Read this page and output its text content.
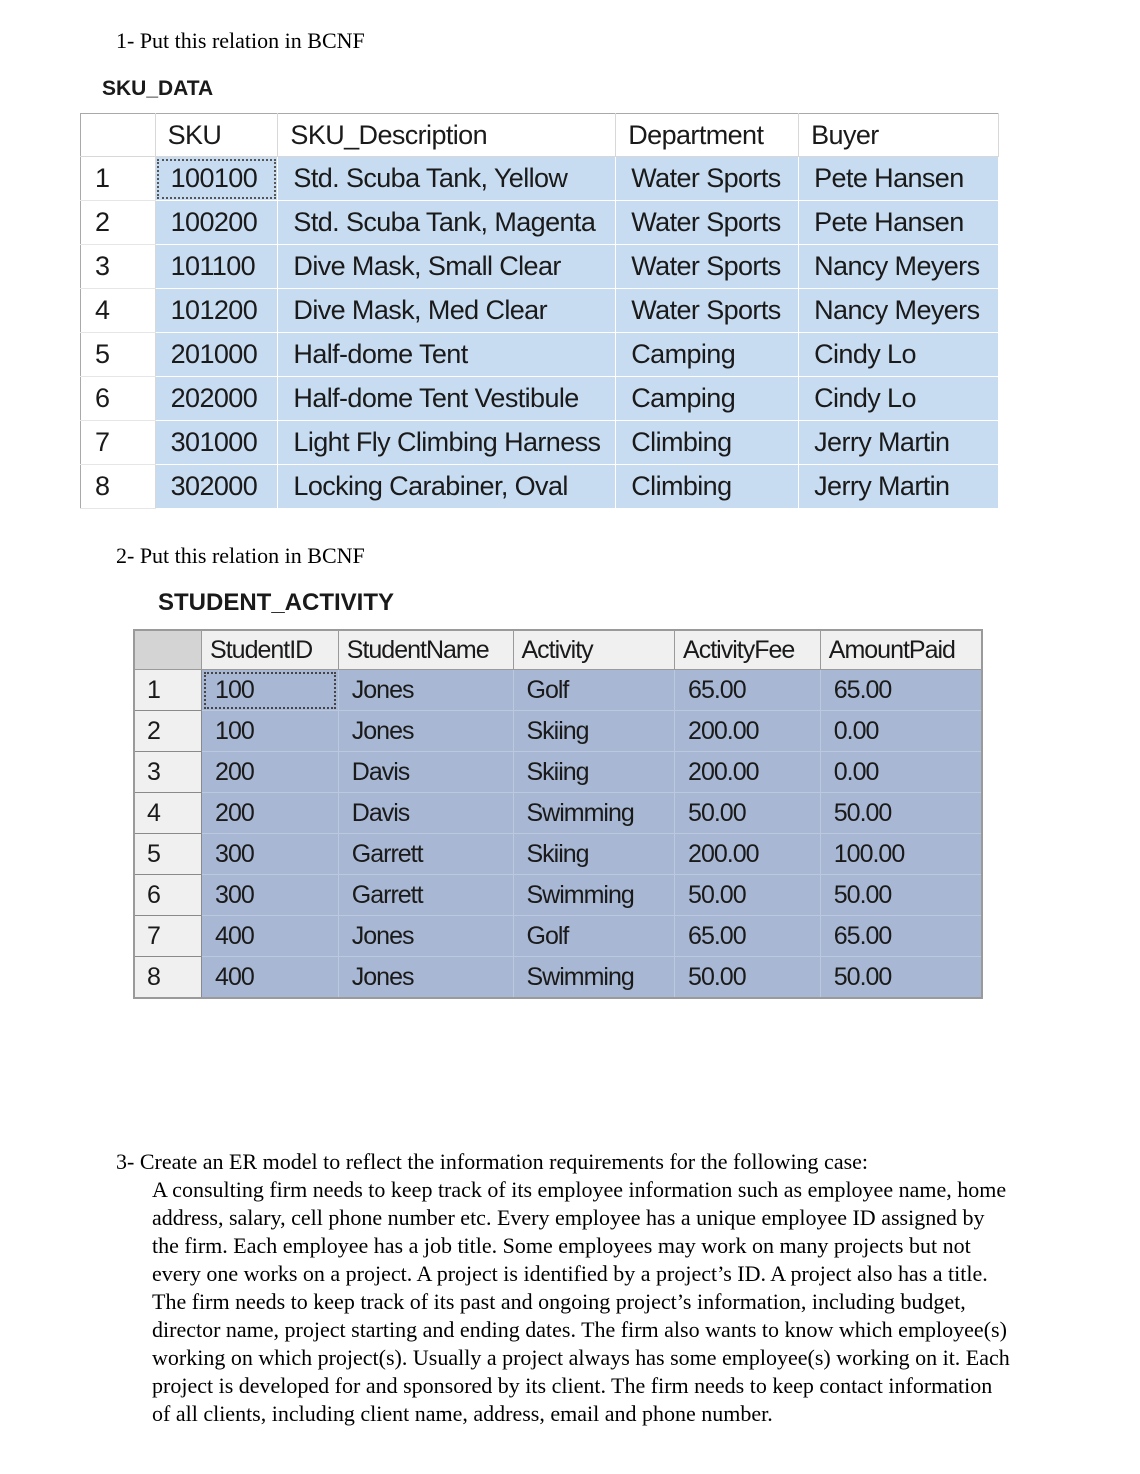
1- Put this relation in BCNF
SKU_DATA
	SKU	SKU_Description	Department	Buyer
1	100100	Std. Scuba Tank, Yellow	Water Sports	Pete Hansen
2	100200	Std. Scuba Tank, Magenta	Water Sports	Pete Hansen
3	101100	Dive Mask, Small Clear	Water Sports	Nancy Meyers
4	101200	Dive Mask, Med Clear	Water Sports	Nancy Meyers
5	201000	Half-dome Tent	Camping	Cindy Lo
6	202000	Half-dome Tent Vestibule	Camping	Cindy Lo
7	301000	Light Fly Climbing Harness	Climbing	Jerry Martin
8	302000	Locking Carabiner, Oval	Climbing	Jerry Martin
2- Put this relation in BCNF
STUDENT_ACTIVITY
	StudentID	StudentName	Activity	ActivityFee	AmountPaid
1	100	Jones	Golf	65.00	65.00
2	100	Jones	Skiing	200.00	0.00
3	200	Davis	Skiing	200.00	0.00
4	200	Davis	Swimming	50.00	50.00
5	300	Garrett	Skiing	200.00	100.00
6	300	Garrett	Swimming	50.00	50.00
7	400	Jones	Golf	65.00	65.00
8	400	Jones	Swimming	50.00	50.00
3- Create an ER model to reflect the information requirements for the following case:
A consulting firm needs to keep track of its employee information such as employee name, home address, salary, cell phone number etc. Every employee has a unique employee ID assigned by the firm. Each employee has a job title. Some employees may work on many projects but not every one works on a project. A project is identified by a project’s ID. A project also has a title. The firm needs to keep track of its past and ongoing project’s information, including budget, director name, project starting and ending dates. The firm also wants to know which employee(s) working on which project(s). Usually a project always has some employee(s) working on it. Each project is developed for and sponsored by its client. The firm needs to keep contact information of all clients, including client name, address, email and phone number.
